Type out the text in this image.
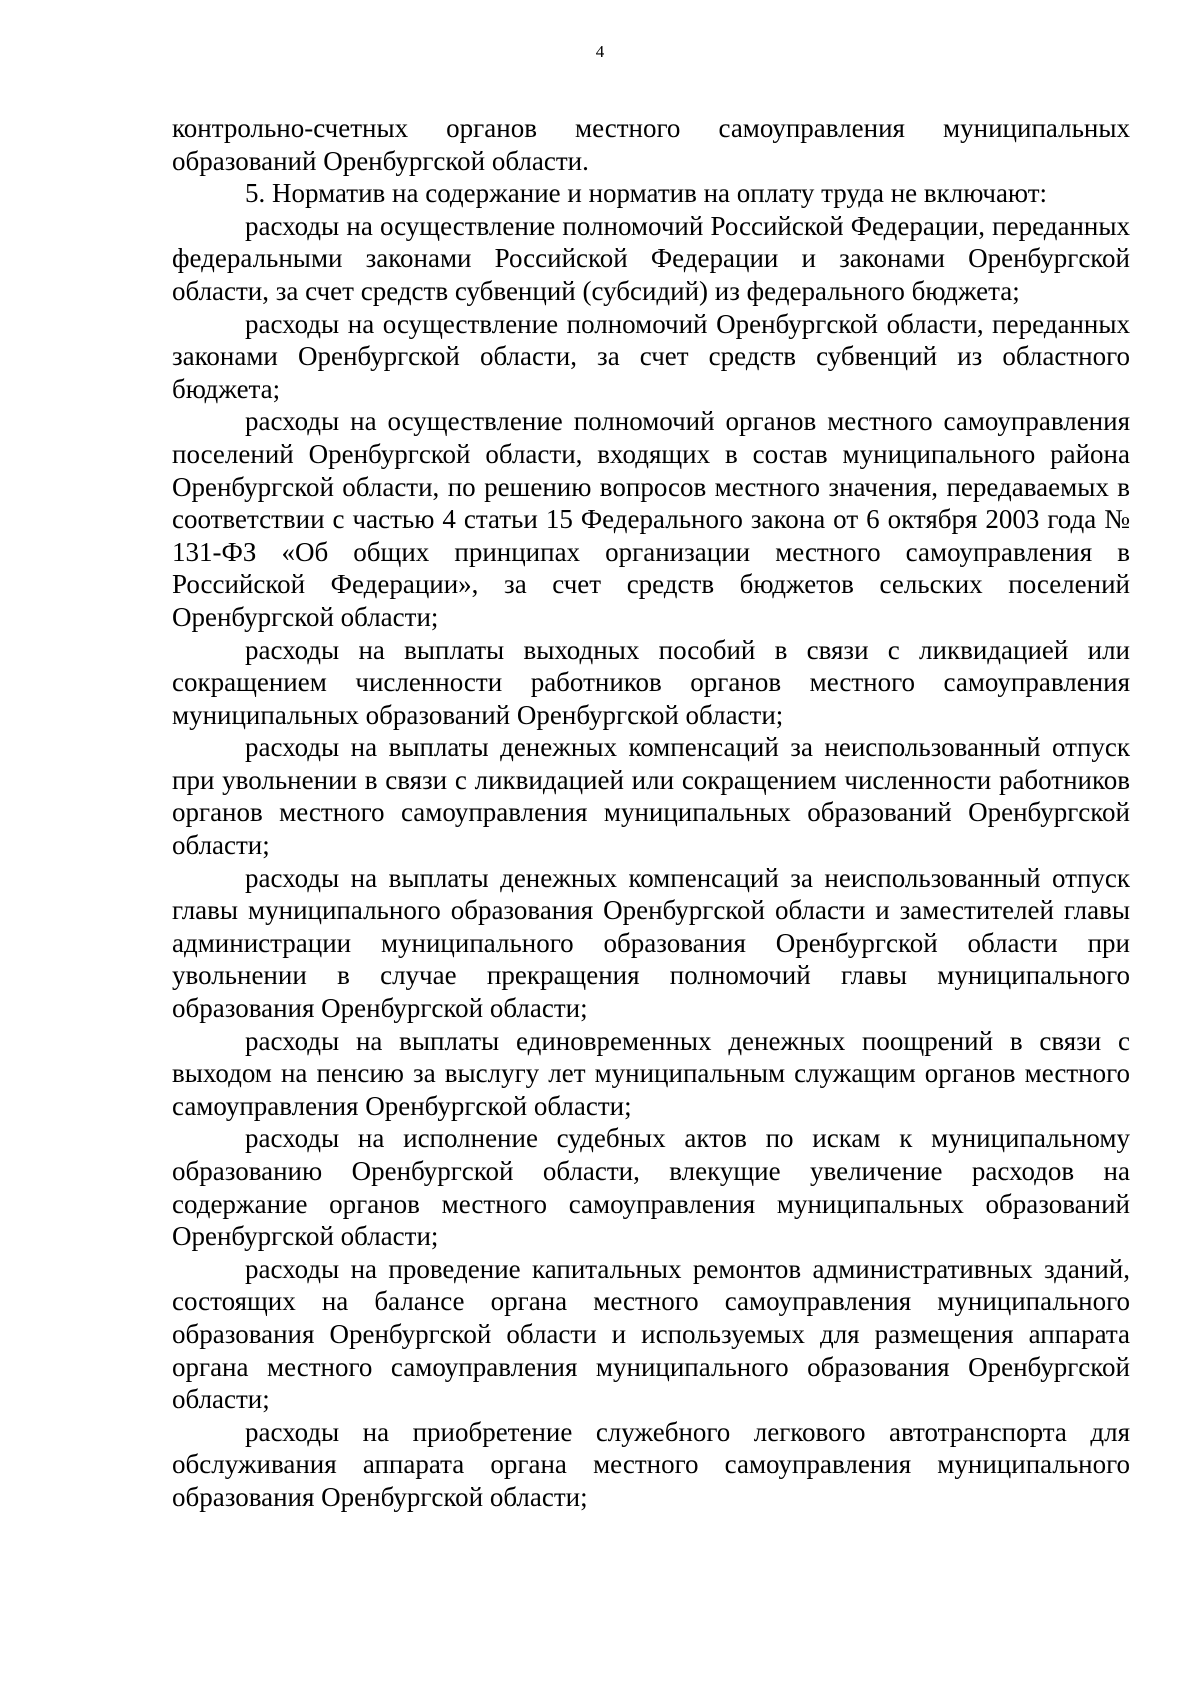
4

контрольно-счетных органов местного самоуправления муниципальных образований Оренбургской области.

5. Норматив на содержание и норматив на оплату труда не включают:

расходы на осуществление полномочий Российской Федерации, переданных федеральными законами Российской Федерации и законами Оренбургской области, за счет средств субвенций (субсидий) из федерального бюджета;

расходы на осуществление полномочий Оренбургской области, переданных законами Оренбургской области, за счет средств субвенций из областного бюджета;

расходы на осуществление полномочий органов местного самоуправления поселений Оренбургской области, входящих в состав муниципального района Оренбургской области, по решению вопросов местного значения, передаваемых в соответствии с частью 4 статьи 15 Федерального закона от 6 октября 2003 года № 131-ФЗ «Об общих принципах организации местного самоуправления в Российской Федерации», за счет средств бюджетов сельских поселений Оренбургской области;

расходы на выплаты выходных пособий в связи с ликвидацией или сокращением численности работников органов местного самоуправления муниципальных образований Оренбургской области;

расходы на выплаты денежных компенсаций за неиспользованный отпуск при увольнении в связи с ликвидацией или сокращением численности работников органов местного самоуправления муниципальных образований Оренбургской области;

расходы на выплаты денежных компенсаций за неиспользованный отпуск главы муниципального образования Оренбургской области и заместителей главы администрации муниципального образования Оренбургской области при увольнении в случае прекращения полномочий главы муниципального образования Оренбургской области;

расходы на выплаты единовременных денежных поощрений в связи с выходом на пенсию за выслугу лет муниципальным служащим органов местного самоуправления Оренбургской области;

расходы на исполнение судебных актов по искам к муниципальному образованию Оренбургской области, влекущие увеличение расходов на содержание органов местного самоуправления муниципальных образований Оренбургской области;

расходы на проведение капитальных ремонтов административных зданий, состоящих на балансе органа местного самоуправления муниципального образования Оренбургской области и используемых для размещения аппарата органа местного самоуправления муниципального образования Оренбургской области;

расходы на приобретение служебного легкового автотранспорта для обслуживания аппарата органа местного самоуправления муниципального образования Оренбургской области;
